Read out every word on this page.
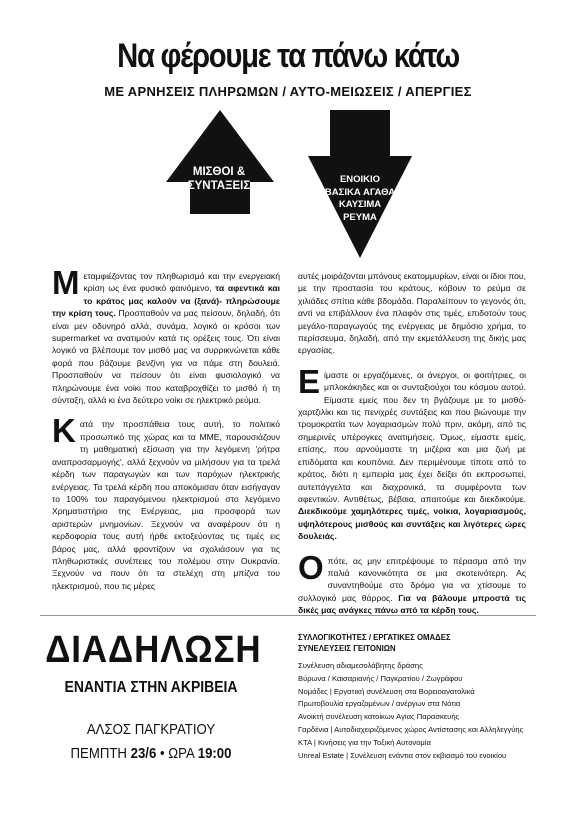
Να φέρουμε τα πάνω κάτω
ΜΕ ΑΡΝΗΣΕΙΣ ΠΛΗΡΩΜΩΝ / ΑΥΤΟ-ΜΕΙΩΣΕΙΣ / ΑΠΕΡΓΙΕΣ
ΜΙΣΘΟΙ &
ΣΥΝΤΑΞΕΙΣ
ΕΝΟΙΚΙΟ
ΒΑΣΙΚΑ ΑΓΑΘΑ
ΚΑΥΣΙΜΑ
ΡΕΥΜΑ

Μ εταμφιέζοντας τον πληθωρισμό και την ενεργειακή κρίση ως ένα φυσικό φαινόμενο, τα αφεντικά και το κράτος μας καλούν να (ξανά)- πληρώσουμε την κρίση τους. Προσπαθούν να μας πείσουν, δηλαδή, ότι είναι μεν οδυνηρό αλλά, συνάμα, λογικό οι κρόσοι των supermarket να ανατιμούν κατά τις ορέξεις τους. Ότι είναι λογικό να βλέπουμε τον μισθό μας να συρρικνώνεται κάθε φορά που βάζουμε βενζίνη για να πάμε στη δουλειά. Προσπαθούν να πείσουν ότι είναι φυσιολογικό να πληρώνουμε ένα νοίκι που καταβροχθίζει το μισθό ή τη σύνταξη, αλλά κι ένα δεύτερο νοίκι σε ηλεκτρικό ρεύμα.

Κ ατά την προσπάθεια τους αυτή, το πολιτικό προσωπικό της χώρας και τα ΜΜΕ, παρουσιάζουν τη μαθηματική εξίσωση για την λεγόμενη 'ρήτρα αναπροσαρμογής', αλλά ξεχνούν να μιλήσουν για τα τρελά κέρδη των παραγωγών και των παρόχων ηλεκτρικής ενέργειας. Τα τρελά κέρδη που αποκόμισαν όταν εισήγαγαν το 100% του παραγόμενου ηλεκτρισμού στο λεγόμενο Χρηματιστήριο της Ενέργειας, μια προσφορά των αριστερών μνημονίων. Ξεχνούν να αναφέρουν ότι η κερδοφορία τους αυτή ήρθε εκτοξεύοντας τις τιμές εις βάρος μας, αλλά φροντίζουν να σχολιάσουν για τις πληθωριστικές συνέπειες του πολέμου στην Ουκρανία. Ξεχνούν να πουν ότι τα στελέχη στη μπίζνα του ηλεκτρισμού, που τις μέρες

αυτές μοιράζονται μπόνους εκατομμυρίων, είναι οι ίδιοι που, με την προστασία του κράτους, κόβουν το ρεύμα σε χιλιάδες σπίτια κάθε βδομάδα. Παραλείπουν το γεγονός ότι, αντί να επιβάλλουν ένα πλαφόν στις τιμές, επιδοτούν τους μεγάλο-παραγωγούς της ενέργειας με δημόσιο χρήμα, το περίσσευμα, δηλαδή, από την εκμετάλλευση της δικής μας εργασίας.

Ε ίμαστε οι εργαζόμενες, οι άνεργοι, οι φοιτήτριες, οι μπλοκάκηδες και οι συνταξιούχοι του κόσμου αυτού. Είμαστε εμείς που δεν τη βγάζουμε με το μισθό-χαρτζιλίκι και τις πενιχρές συντάξεις και που βιώνουμε την τρομοκρατία των λογαριασμών πολύ πριν, ακόμη, από τις σημερινές υπέρογκες ανατιμήσεις. Όμως, είμαστε εμείς, επίσης, που αρνούμαστε τη μιζέρια και μια ζωή με επιδόματα και κουπόνια. Δεν περιμένουμε τίποτε από το κράτος, διότι η εμπειρία μας έχει δείξει ότι εκπροσωπεί, αυτεπάγγελτα και διαχρονικά, τα συμφέροντα των αφεντικών. Αντιθέτως, βέβαια, απαιτούμε και διεκδικούμε. Διεκδικούμε χαμηλότερες τιμές, νοίκια, λογαριασμούς, υψηλότερους μισθούς και συντάξεις και λιγότερες ώρες δουλειάς.

Ο πότε, ας μην επιτρέψουμε το πέρασμα από την παλιά κανονικότητα σε μια σκοτεινότερη. Ας συναντηθούμε στο δρόμο για να χτίσουμε το συλλογικό μας θάρρος. Για να βάλουμε μπροστά τις δικές μας ανάγκες πάνω από τα κέρδη τους.

ΔΙΑΔΗΛΩΣΗ
ΕΝΑΝΤΙΑ ΣΤΗΝ ΑΚΡΙΒΕΙΑ
ΑΛΣΟΣ ΠΑΓΚΡΑΤΙΟΥ
ΠΕΜΠΤΗ 23/6 • ΩΡΑ 19:00
ΣΥΛΛΟΓΙΚΟΤΗΤΕΣ / ΕΡΓΑΤΙΚΕΣ ΟΜΑΔΕΣ
ΣΥΝΕΛΕΥΣΕΙΣ ΓΕΙΤΟΝΙΩΝ
Συνέλευση αδιαμεσολάβητης δράσης
Βύρωνα / Καισαριανής / Παγκρατίου / Ζωγράφου
Νομάδες | Εργατική συνέλευση στα Βορειοανατολικά
Πρωτοβουλία εργαζομένων / ανέργων στα Νότια
Ανοικτή συνέλευση κατοίκων Αγίας Παρασκευής
Γαρδένια | Αυτοδιαχειριζόμενος χώρος Αντίστασης και Αλληλεγγύης
ΚΤΑ | Κινήσεις για την Τοξική Αυτονομία
Unreal Estate | Συνέλευση ενάντια στον εκβιασμό του ενοικίου
